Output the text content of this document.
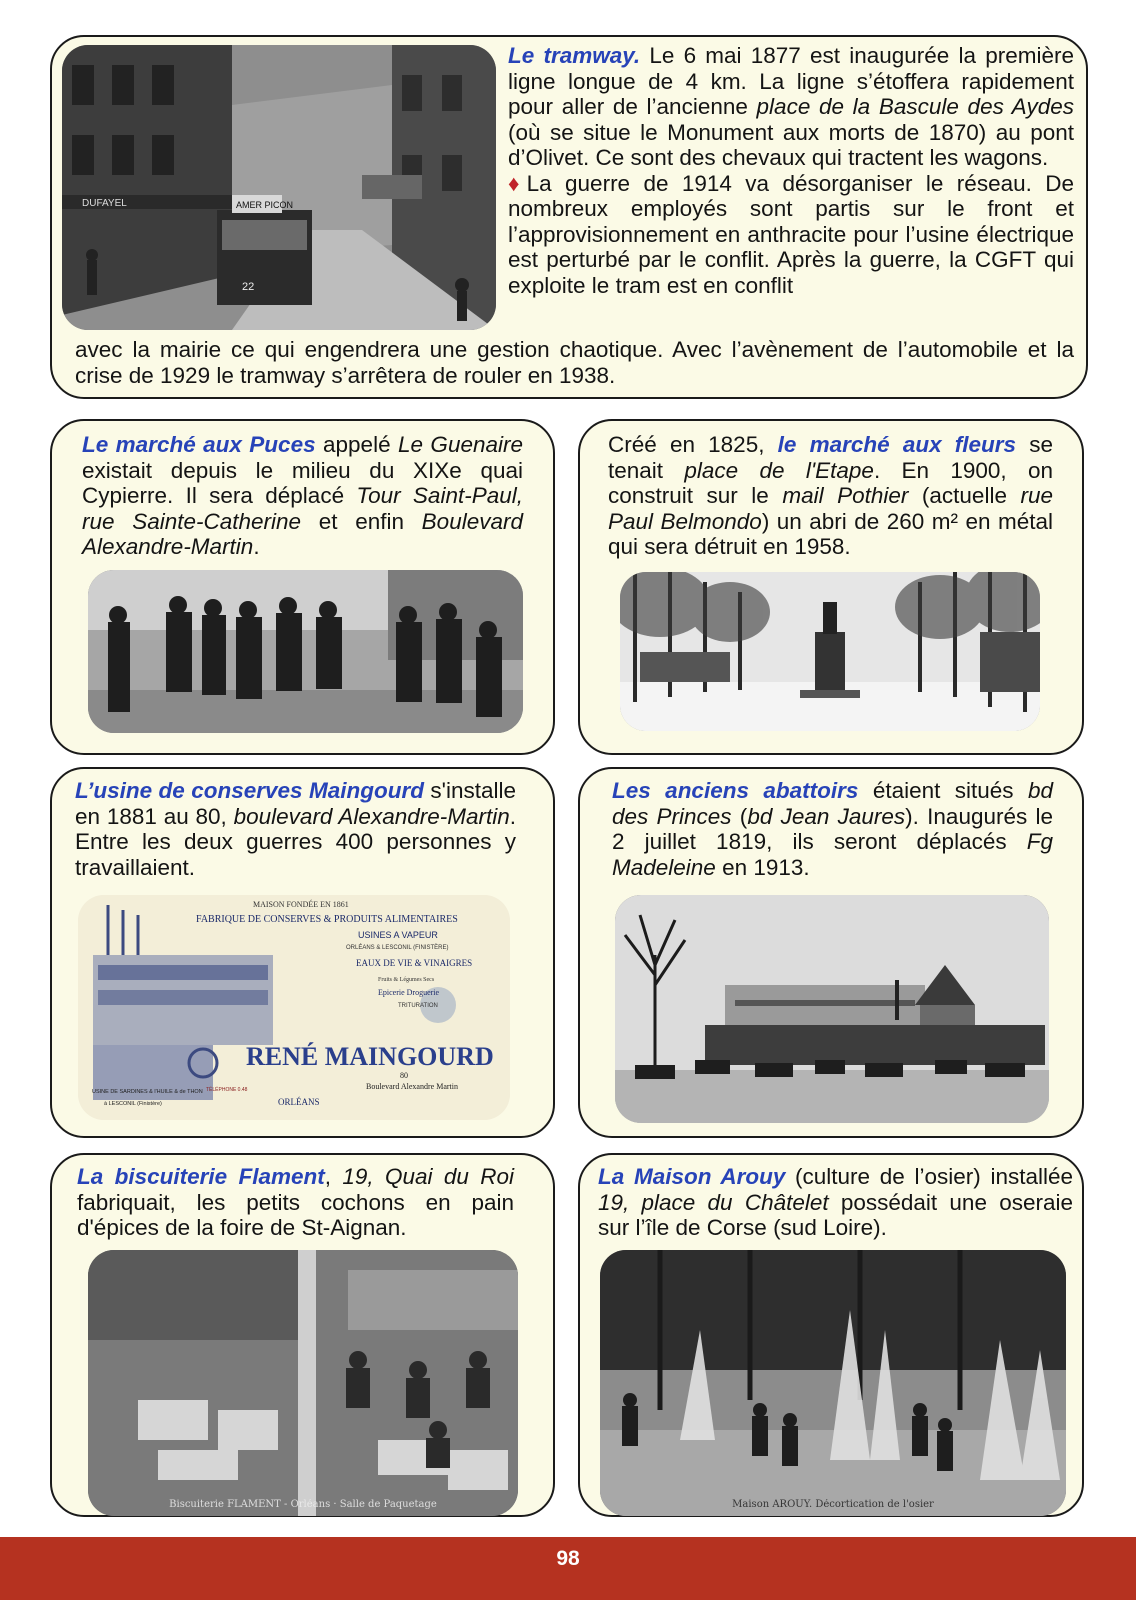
DUFAYEL	AMER PICON
22
Le tramway. Le 6 mai 1877 est inaugurée la première ligne longue de 4 km. La ligne s’étoffera rapidement pour aller de l’ancienne place de la Bascule des Aydes (où se situe le Monument aux morts de 1870) au pont d’Olivet. Ce sont des chevaux qui tractent les wagons.
♦La guerre de 1914 va désorganiser le réseau. De nombreux employés sont partis sur le front et l’approvisionnement en anthracite pour l’usine électrique est perturbé par le conflit. Après la guerre, la CGFT qui exploite le tram est en conflit
avec la mairie ce qui engendrera une gestion chaotique. Avec l’avènement de l’automobile et la crise de 1929 le tramway s’arrêtera de rouler en 1938.
Le marché aux Puces appelé Le Guenaire existait depuis le milieu du XIXe quai Cypierre. Il sera déplacé Tour Saint-Paul, rue Sainte-Catherine et enfin Boulevard Alexandre-Martin.
Créé en 1825, le marché aux fleurs se tenait place de l'Etape. En 1900, on construit sur le mail Pothier (actuelle rue Paul Belmondo) un abri de 260 m² en métal qui sera détruit en 1958.
L’usine de conserves Maingourd s'installe en 1881 au 80, boulevard Alexandre-Martin. Entre les deux guerres 400 personnes y travaillaient.
MAISON FONDÉE EN 1861
FABRIQUE DE CONSERVES & PRODUITS ALIMENTAIRES
USINES A VAPEUR
ORLÉANS & LESCONIL (FINISTÈRE)
EAUX DE VIE & VINAIGRES
Fruits & Légumes Secs
Epicerie Droguerie
TRITURATION
RENÉ MAINGOURD
80
Boulevard Alexandre Martin
ORLÉANS
USINE DE SARDINES & l'HUILE & de THON
à LESCONIL (Finistère)
TÉLÉPHONE 0.48
Les anciens abattoirs étaient situés bd des Princes (bd Jean Jaures). Inaugurés le 2 juillet 1819, ils seront déplacés Fg Madeleine en 1913.
La biscuiterie Flament, 19, Quai du Roi fabriquait, les petits cochons en pain d'épices de la foire de St-Aignan.
Biscuiterie FLAMENT - Orléans · Salle de Paquetage
La Maison Arouy (culture de l’osier) installée 19, place du Châtelet possédait une oseraie sur l’île de Corse (sud Loire).
Maison AROUY. Décortication de l'osier
98
